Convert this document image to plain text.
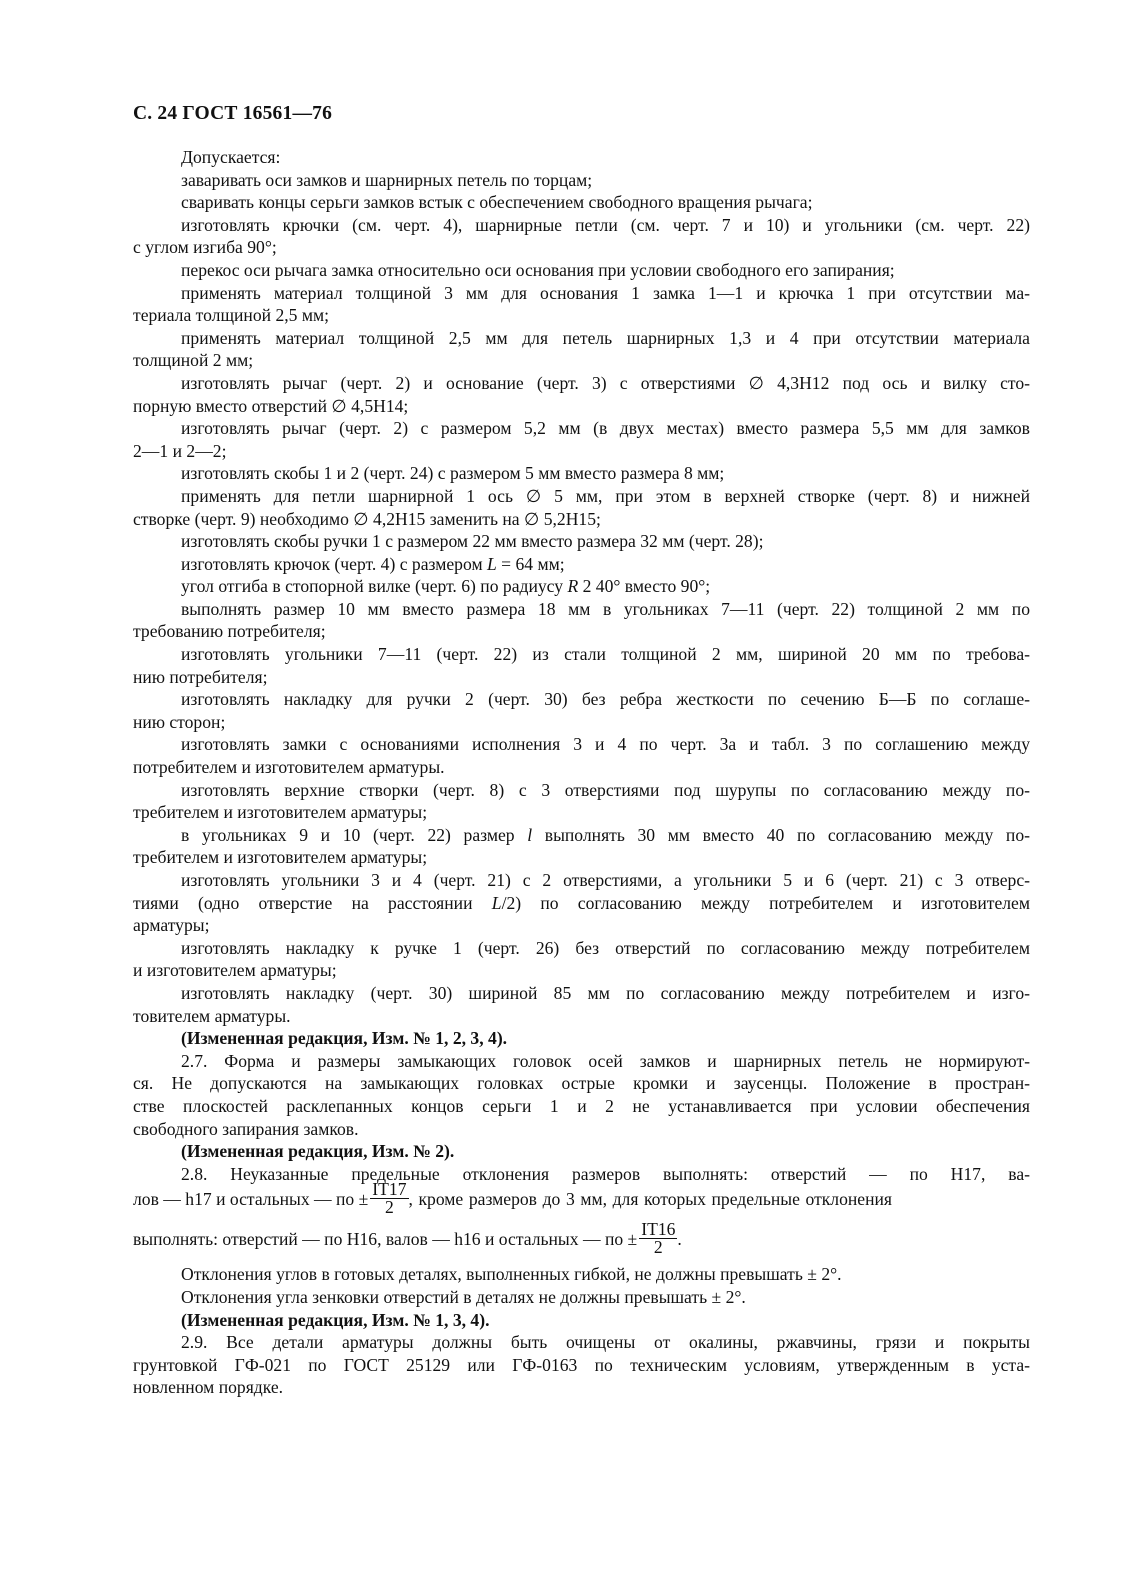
С. 24 ГОСТ 16561—76
Допускается:
заваривать оси замков и шарнирных петель по торцам;
сваривать концы серьги замков встык с обеспечением свободного вращения рычага;
изготовлять крючки (см. черт. 4), шарнирные петли (см. черт. 7 и 10) и угольники (см. черт. 22)
с углом изгиба 90°;
перекос оси рычага замка относительно оси основания при условии свободного его запирания;
применять материал толщиной 3 мм для основания 1 замка 1—1 и крючка 1 при отсутствии ма-
териала толщиной 2,5 мм;
применять материал толщиной 2,5 мм для петель шарнирных 1,3 и 4 при отсутствии материала
толщиной 2 мм;
изготовлять рычаг (черт. 2) и основание (черт. 3) с отверстиями ∅ 4,3H12 под ось и вилку сто-
порную вместо отверстий ∅ 4,5H14;
изготовлять рычаг (черт. 2) с размером 5,2 мм (в двух местах) вместо размера 5,5 мм для замков
2—1 и 2—2;
изготовлять скобы 1 и 2 (черт. 24) с размером 5 мм вместо размера 8 мм;
применять для петли шарнирной 1 ось ∅ 5 мм, при этом в верхней створке (черт. 8) и нижней
створке (черт. 9) необходимо ∅ 4,2H15 заменить на ∅ 5,2H15;
изготовлять скобы ручки 1 с размером 22 мм вместо размера 32 мм (черт. 28);
изготовлять крючок (черт. 4) с размером L = 64 мм;
угол отгиба в стопорной вилке (черт. 6) по радиусу R 2 40° вместо 90°;
выполнять размер 10 мм вместо размера 18 мм в угольниках 7—11 (черт. 22) толщиной 2 мм по
требованию потребителя;
изготовлять угольники 7—11 (черт. 22) из стали толщиной 2 мм, шириной 20 мм по требова-
нию потребителя;
изготовлять накладку для ручки 2 (черт. 30) без ребра жесткости по сечению Б—Б по соглаше-
нию сторон;
изготовлять замки с основаниями исполнения 3 и 4 по черт. 3а и табл. 3 по соглашению между
потребителем и изготовителем арматуры.
изготовлять верхние створки (черт. 8) с 3 отверстиями под шурупы по согласованию между по-
требителем и изготовителем арматуры;
в угольниках 9 и 10 (черт. 22) размер l выполнять 30 мм вместо 40 по согласованию между по-
требителем и изготовителем арматуры;
изготовлять угольники 3 и 4 (черт. 21) с 2 отверстиями, а угольники 5 и 6 (черт. 21) с 3 отверс-
тиями (одно отверстие на расстоянии L/2) по согласованию между потребителем и изготовителем
арматуры;
изготовлять накладку к ручке 1 (черт. 26) без отверстий по согласованию между потребителем
и изготовителем арматуры;
изготовлять накладку (черт. 30) шириной 85 мм по согласованию между потребителем и изго-
товителем арматуры.
(Измененная редакция, Изм. № 1, 2, 3, 4).
2.7. Форма и размеры замыкающих головок осей замков и шарнирных петель не нормируют-
ся. Не допускаются на замыкающих головках острые кромки и заусенцы. Положение в простран-
стве плоскостей расклепанных концов серьги 1 и 2 не устанавливается при условии обеспечения
свободного запирания замков.
(Измененная редакция, Изм. № 2).
2.8. Неуказанные предельные отклонения размеров выполнять: отверстий — по H17, ва-
лов — h17 и остальных — по ± $\frac{IT17}{2}$ , кроме размеров до 3 мм, для которых предельные отклонения
выполнять: отверстий — по H16, валов — h16 и остальных — по ± $\frac{IT16}{2}$ .
Отклонения углов в готовых деталях, выполненных гибкой, не должны превышать ± 2°.
Отклонения угла зенковки отверстий в деталях не должны превышать ± 2°.
(Измененная редакция, Изм. № 1, 3, 4).
2.9. Все детали арматуры должны быть очищены от окалины, ржавчины, грязи и покрыты
грунтовкой ГФ-021 по ГОСТ 25129 или ГФ-0163 по техническим условиям, утвержденным в уста-
новленном порядке.
